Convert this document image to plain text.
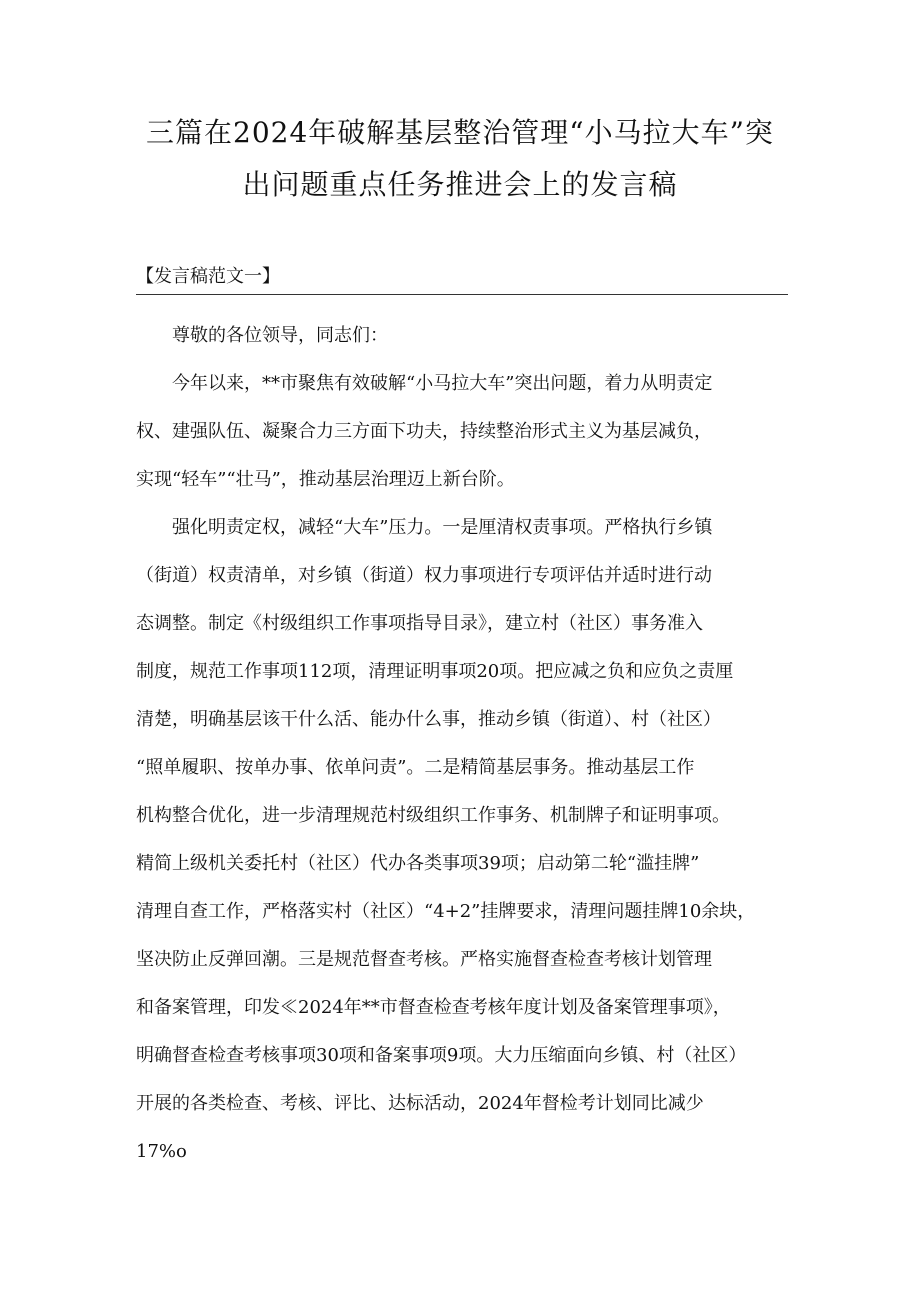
三篇在2024年破解基层整治管理“小马拉大车”突
出问题重点任务推进会上的发言稿
【发言稿范文一】
尊敬的各位领导，同志们：
今年以来，**市聚焦有效破解“小马拉大车”突出问题，着力从明责定
权、建强队伍、凝聚合力三方面下功夫，持续整治形式主义为基层减负，
实现“轻车”“壮马”，推动基层治理迈上新台阶。
强化明责定权，减轻“大车”压力。一是厘清权责事项。严格执行乡镇
（街道）权责清单，对乡镇（街道）权力事项进行专项评估并适时进行动
态调整。制定《村级组织工作事项指导目录》，建立村（社区）事务准入
制度，规范工作事项112项，清理证明事项20项。把应减之负和应负之责厘
清楚，明确基层该干什么活、能办什么事，推动乡镇（街道）、村（社区）
“照单履职、按单办事、依单问责”。二是精简基层事务。推动基层工作
机构整合优化，进一步清理规范村级组织工作事务、机制牌子和证明事项。
精简上级机关委托村（社区）代办各类事项39项；启动第二轮“滥挂牌”
清理自查工作，严格落实村（社区）“4+2”挂牌要求，清理问题挂牌10余块，
坚决防止反弹回潮。三是规范督查考核。严格实施督查检查考核计划管理
和备案管理，印发≪2024年**市督查检查考核年度计划及备案管理事项》，
明确督查检查考核事项30项和备案事项9项。大力压缩面向乡镇、村（社区）
开展的各类检查、考核、评比、达标活动，2024年督检考计划同比减少
17%o
